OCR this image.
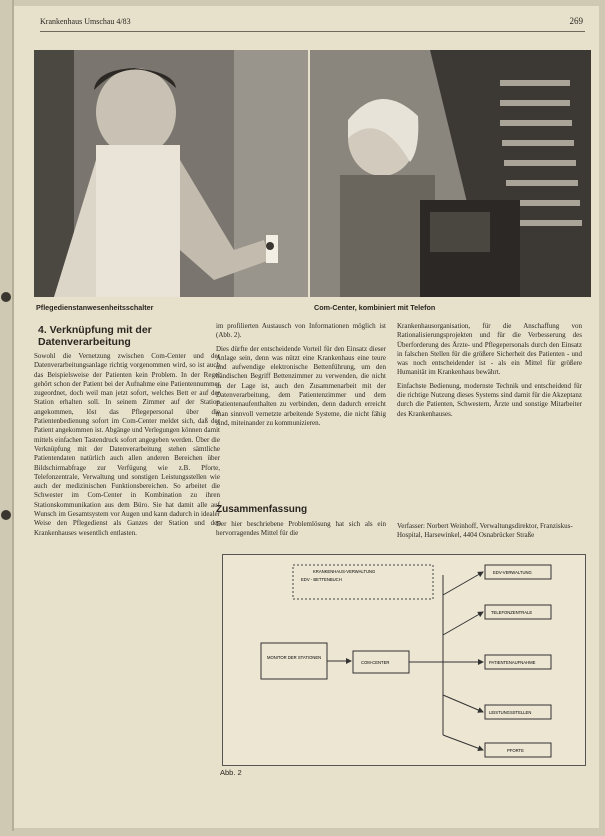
Krankenhaus Umschau 4/83	269
Pflegedienstanwesenheitsschalter	Com-Center, kombiniert mit Telefon
4. Verknüpfung mit der Datenverarbeitung

Sowohl die Vernetzung zwischen Com-Center und der Datenverarbeitungsanlage richtig vorgenommen wird, so ist auch das Beispielsweise der Patienten kein Problem. In der Regel gehört schon der Patient bei der Aufnahme eine Patientennummer zugeordnet, doch weil man jetzt sofort, welches Bett er auf der Station erhalten soll. In seinem Zimmer auf der Station angekommen, löst das Pflegepersonal über die Patientenbedienung sofort im Com-Center meldet sich, daß der Patient angekommen ist. Abgänge und Verlegungen können damit mittels einfachen Tastendruck sofort angegeben werden. Über die Verknüpfung mit der Datenverarbeitung stehen sämtliche Patientendaten natürlich auch allen anderen Bereichen über Bildschirmabfrage zur Verfügung wie z.B. Pforte, Telefonzentrale, Verwaltung und sonstigen Leistungsstellen wie auch der medizinischen Funktionsbereichen. So arbeitet die Schwester im Com-Center in Kombination zu ihren Stationskommunikation aus dem Büro. Sie hat damit alle auf Wunsch im Gesamtsystem vor Augen und kann dadurch in idealer Weise den Pflegedienst als Ganzes der Station und des Krankenhauses wesentlich entlasten.

im profilierten Austausch von Informationen möglich ist (Abb. 2).

Dies dürfte der entscheidende Vorteil für den Einsatz dieser Anlage sein, denn was nützt eine Krankenhaus eine teure und aufwendige elektronische Bettenführung, um den händischen Begriff Bettenzimmer zu verwenden, die nicht in der Lage ist, auch den Zusammenarbeit mit der Datenverarbeitung, dem Patientenzimmer und dem Patientenaufenthalten zu verbinden, denn dadurch erreicht man sinnvoll vernetzte arbeitende Systeme, die nicht fähig sind, miteinander zu kommunizieren.

Zusammenfassung

Der hier beschriebene Problemlösung hat sich als ein hervorragendes Mittel für die

Krankenhausorganisation, für die Anschaffung von Rationalisierungsprojekten und für die Verbesserung des Überforderung des Ärzte- und Pflegepersonals durch den Einsatz in falschen Stellen für die größere Sicherheit des Patienten - und was noch entscheidender ist - als ein Mittel für größere Humanität im Krankenhaus bewährt.

Einfachste Bedienung, modernste Technik und entscheidend für die richtige Nutzung dieses Systems sind damit für die Akzeptanz durch die Patienten, Schwestern, Ärzte und sonstige Mitarbeiter des Krankenhauses.

Verfasser: Norbert Weinhoff, Verwaltungsdirektor, Franziskus-Hospital, Harsewinkel, 4404 Osnabrücker Straße
KRANKENHAUS-VERWALTUNG
EDV - BETTENBUCH
MONITOR DER STATIONEN
COM-CENTER
EDV-VERWALTUNG
TELEFONZENTRALE
PATIENTENAUFNAHME
LEISTUNGSSTELLEN
PFORTE
Abb. 2
